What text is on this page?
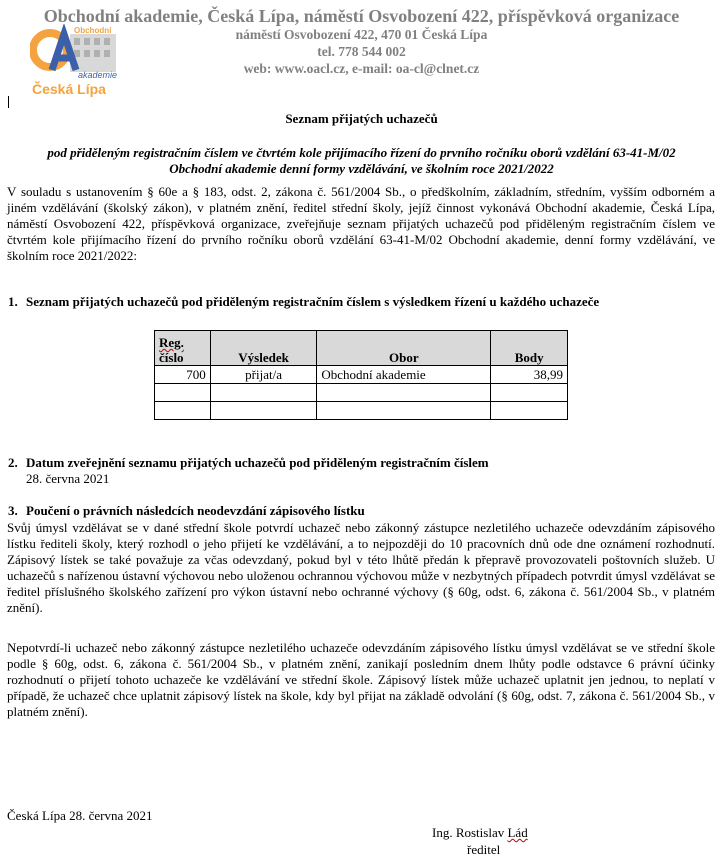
Obchodní
akademie
Česká Lípa
Obchodní akademie, Česká Lípa, náměstí Osvobození 422, příspěvková organizace
náměstí Osvobození 422, 470 01 Česká Lípa
tel. 778 544 002
web: www.oacl.cz, e-mail: oa-cl@clnet.cz
Seznam přijatých uchazečů
pod přiděleným registračním číslem ve čtvrtém kole přijímacího řízení do prvního ročníku oborů vzdělání 63-41-M/02 Obchodní akademie denní formy vzdělávání, ve školním roce 2021/2022
V souladu s ustanovením § 60e a § 183, odst. 2, zákona č. 561/2004 Sb., o předškolním, základním, středním, vyšším odborném a jiném vzdělávání (školský zákon), v platném znění, ředitel střední školy, jejíž činnost vykonává Obchodní akademie, Česká Lípa, náměstí Osvobození 422, příspěvková organizace, zveřejňuje seznam přijatých uchazečů pod přiděleným registračním číslem ve čtvrtém kole přijímacího řízení do prvního ročníku oborů vzdělání 63-41-M/02 Obchodní akademie, denní formy vzdělávání, ve školním roce 2021/2022:
1. Seznam přijatých uchazečů pod přiděleným registračním číslem s výsledkem řízení u každého uchazeče
Reg.
číslo	Výsledek	Obor	Body
700	přijat/a	Obchodní akademie	38,99

2. Datum zveřejnění seznamu přijatých uchazečů pod přiděleným registračním číslem
28. června 2021
3. Poučení o právních následcích neodevzdání zápisového lístku
Svůj úmysl vzdělávat se v dané střední škole potvrdí uchazeč nebo zákonný zástupce nezletilého uchazeče odevzdáním zápisového lístku řediteli školy, který rozhodl o jeho přijetí ke vzdělávání, a to nejpozději do 10 pracovních dnů ode dne oznámení rozhodnutí. Zápisový lístek se také považuje za včas odevzdaný, pokud byl v této lhůtě předán k přepravě provozovateli poštovních služeb. U uchazečů s nařízenou ústavní výchovou nebo uloženou ochrannou výchovou může v nezbytných případech potvrdit úmysl vzdělávat se ředitel příslušného školského zařízení pro výkon ústavní nebo ochranné výchovy (§ 60g, odst. 6, zákona č. 561/2004 Sb., v platném znění).
Nepotvrdí-li uchazeč nebo zákonný zástupce nezletilého uchazeče odevzdáním zápisového lístku úmysl vzdělávat se ve střední škole podle § 60g, odst. 6, zákona č. 561/2004 Sb., v platném znění, zanikají posledním dnem lhůty podle odstavce 6 právní účinky rozhodnutí o přijetí tohoto uchazeče ke vzdělávání ve střední škole. Zápisový lístek může uchazeč uplatnit jen jednou, to neplatí v případě, že uchazeč chce uplatnit zápisový lístek na škole, kdy byl přijat na základě odvolání (§ 60g, odst. 7, zákona č. 561/2004 Sb., v platném znění).
Česká Lípa 28. června 2021
Ing. Rostislav Lád
ředitel
